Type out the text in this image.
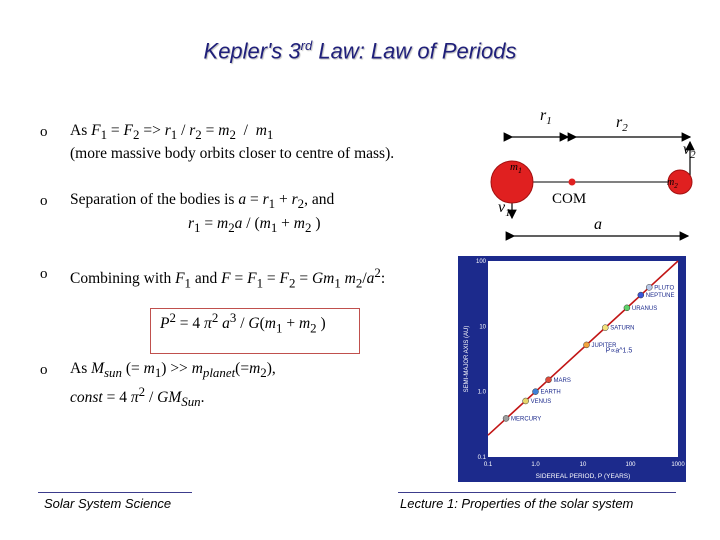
Kepler's 3rd Law: Law of Periods
o As $F_1 = F_2 => r_1 / r_2 = m_2 / m_1$
(more massive body orbits closer to centre of mass).
o Separation of the bodies is $a = r_1 + r_2$, and
$r_1 = m_2a / (m_1 + m_2$ )
o Combining with $F_1$ and $F = F_1 = F_2 = Gm_1$ $m_2/a^2$:
$P^2 = 4$ $\pi^2$ $a^3 / G(m_1 + m_2$ )
o As $M_{sun}$ (= $m_1) >> m_{planet}(=m_2)$,
const = 4 $\pi^2 / GM_{Sun}$.
$r_1$	$r_2$
$v_2$
$v_1$
$m_1$
$m_2$
COM
a
0.1	1.0	10	100	1000
0.1
1.0
10
100
MERCURY
VENUS
EARTH
MARS
JUPITER
SATURN
URANUS
NEPTUNE
PLUTO
P∝a^1.5
SIDEREAL PERIOD, P (YEARS)
SEMI-MAJOR AXIS (AU)
Solar System Science	Lecture 1: Properties of the solar system
